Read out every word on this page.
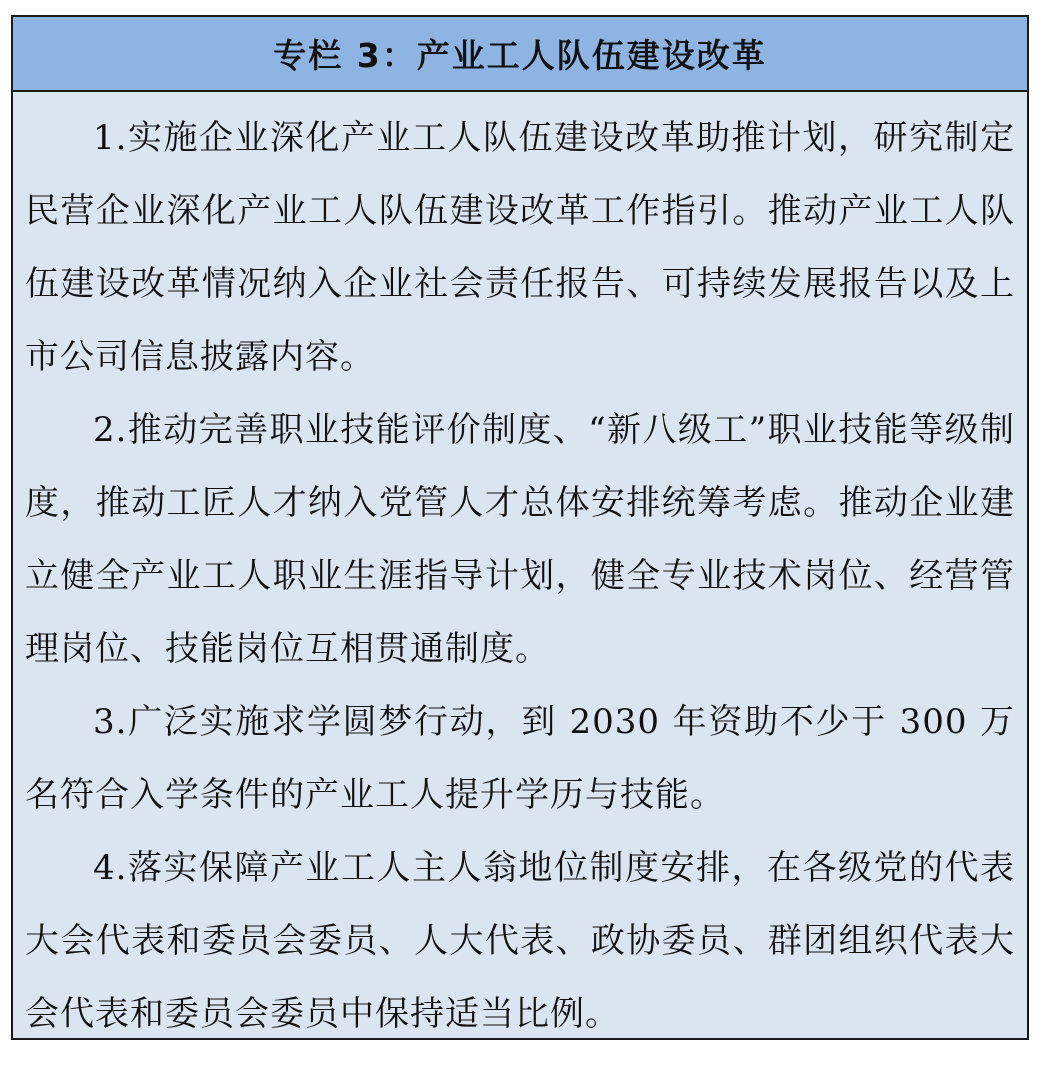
专栏 3：产业工人队伍建设改革

1.实施企业深化产业工人队伍建设改革助推计划，研究制定民营企业深化产业工人队伍建设改革工作指引。推动产业工人队伍建设改革情况纳入企业社会责任报告、可持续发展报告以及上市公司信息披露内容。

2.推动完善职业技能评价制度、“新八级工”职业技能等级制度，推动工匠人才纳入党管人才总体安排统筹考虑。推动企业建立健全产业工人职业生涯指导计划，健全专业技术岗位、经营管理岗位、技能岗位互相贯通制度。

3.广泛实施求学圆梦行动，到 2030 年资助不少于 300 万名符合入学条件的产业工人提升学历与技能。

4.落实保障产业工人主人翁地位制度安排，在各级党的代表大会代表和委员会委员、人大代表、政协委员、群团组织代表大会代表和委员会委员中保持适当比例。
